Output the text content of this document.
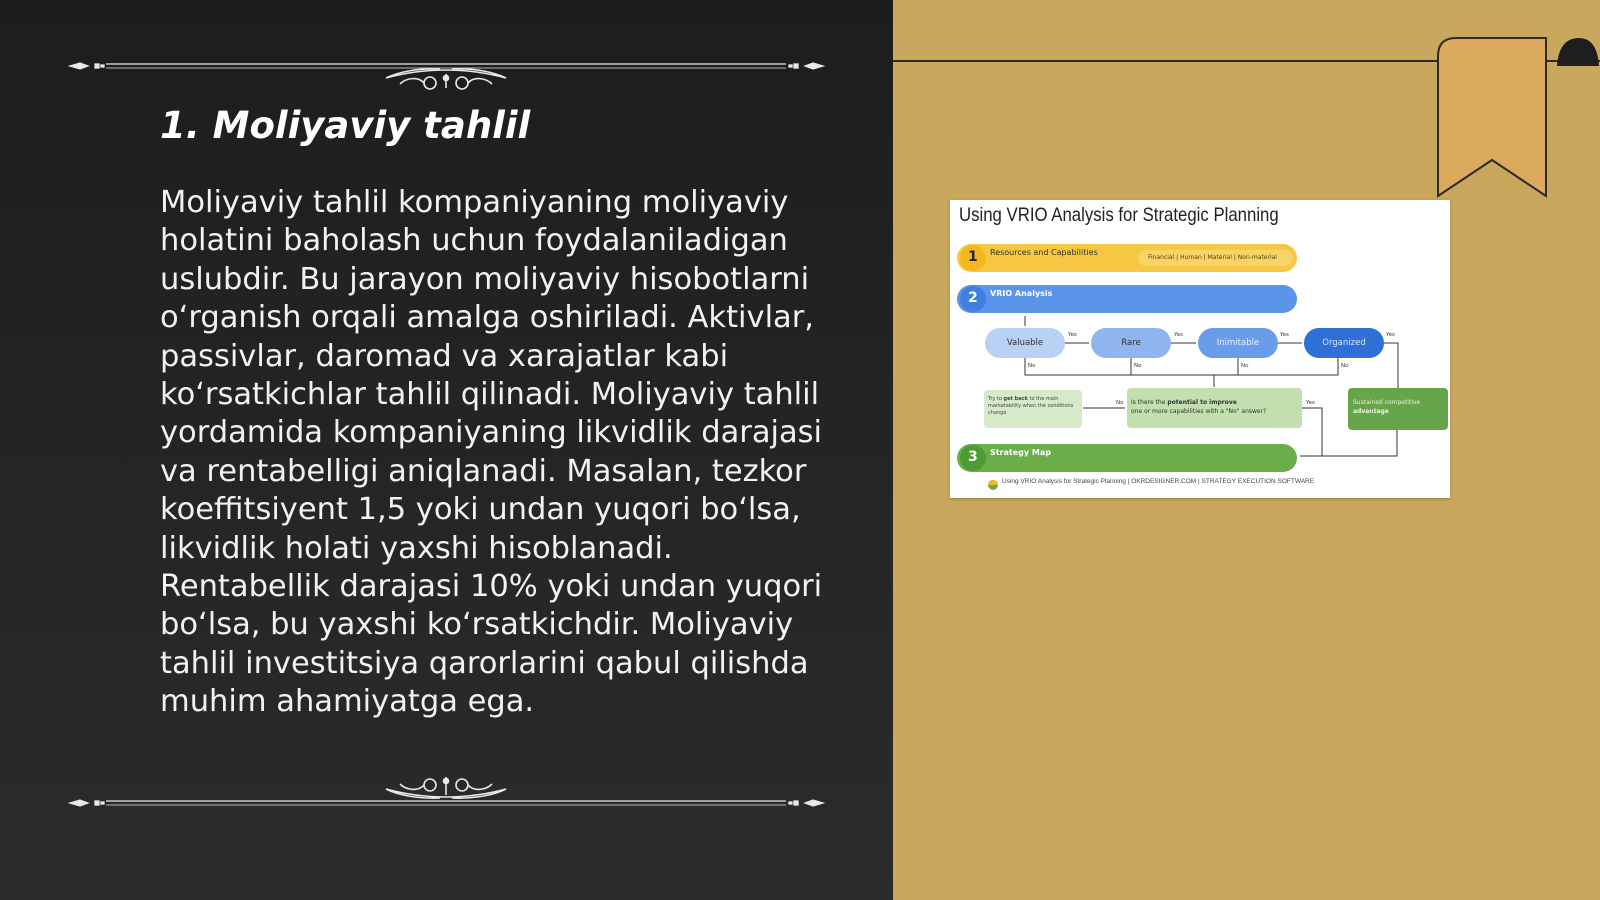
1. Moliyaviy tahlil

Moliyaviy tahlil kompaniyaning moliyaviy holatini baholash uchun foydalaniladigan uslubdir. Bu jarayon moliyaviy hisobotlarni o‘rganish orqali amalga oshiriladi. Aktivlar, passivlar, daromad va xarajatlar kabi ko‘rsatkichlar tahlil qilinadi. Moliyaviy tahlil yordamida kompaniyaning likvidlik darajasi va rentabelligi aniqlanadi. Masalan, tezkor koeffitsiyent 1,5 yoki undan yuqori bo‘lsa, likvidlik holati yaxshi hisoblanadi. Rentabellik darajasi 10% yoki undan yuqori bo‘lsa, bu yaxshi ko‘rsatkichdir. Moliyaviy tahlil investitsiya qarorlarini qabul qilishda muhim ahamiyatga ega.

Using VRIO Analysis for Strategic Planning
1 Resources and Capabilities
Financial | Human | Material | Non-material
2 VRIO Analysis
Valuable	Rare	Inimitable	Organized
Yes	Yes	Yes	Yes
No	No	No	No
No	Yes
Try to get back to the main marketability when the conditions change
Is there the potential to improve
one or more capabilities with a "No" answer?
Sustained competitive
advantage
3 Strategy Map
Using VRIO Analysis for Strategic Planning | OKRDESIGNER.COM | STRATEGY EXECUTION SOFTWARE
